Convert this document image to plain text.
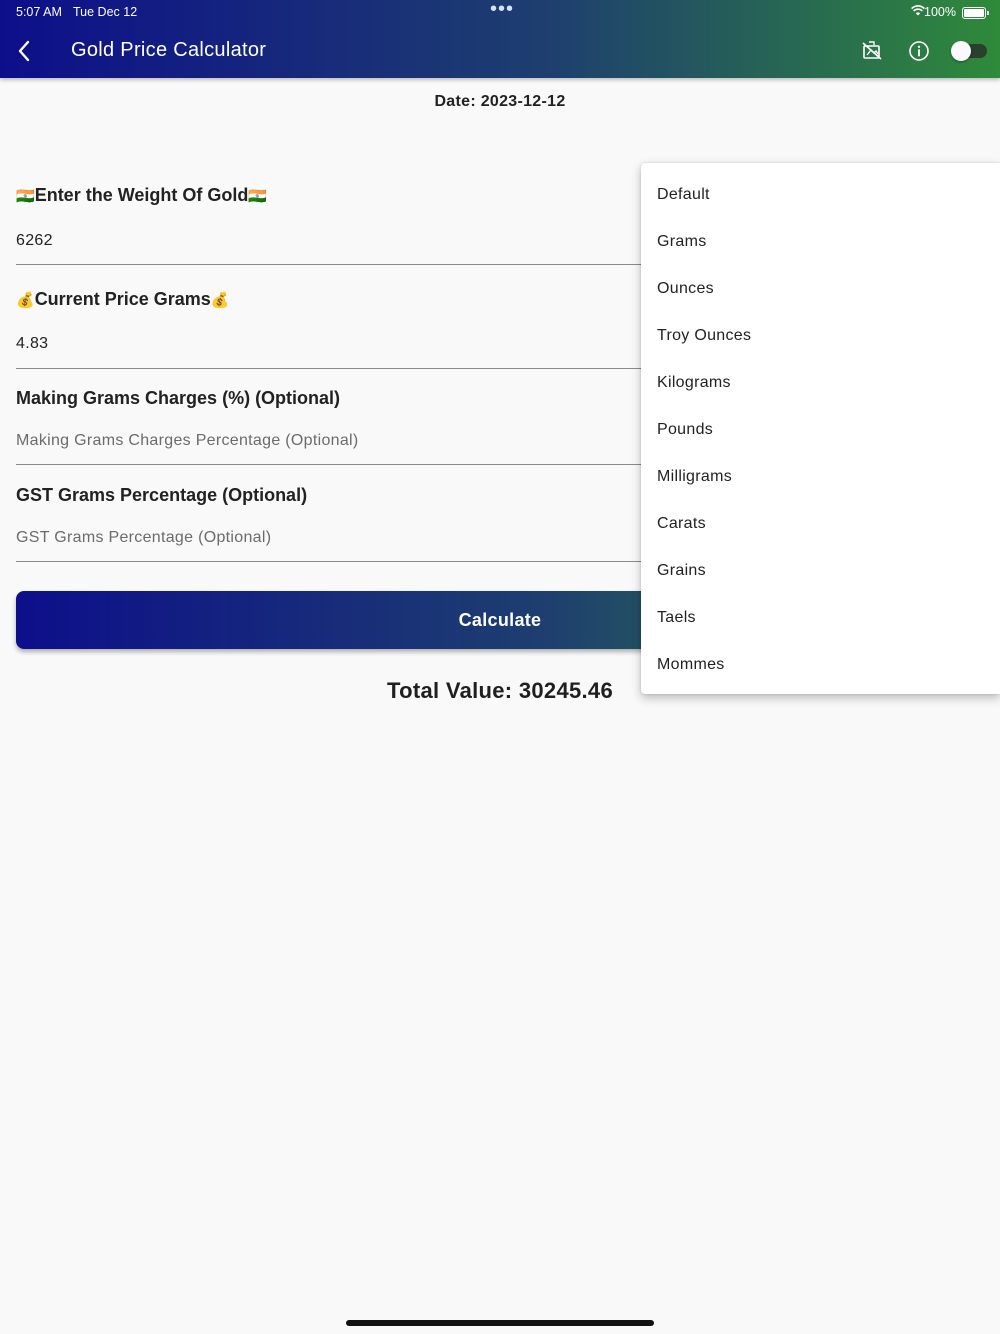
5:07 AM Tue Dec 12	•••	100%
Gold Price Calculator
Date: 2023-12-12
🇮🇳 Enter the Weight Of Gold 🇮🇳
6262
💰 Current Price Grams 💰
4.83
Making Grams Charges (%) (Optional)
Making Grams Charges Percentage (Optional)
GST Grams Percentage (Optional)
GST Grams Percentage (Optional)
Calculate
Total Value: 30245.46
Default
Grams
Ounces
Troy Ounces
Kilograms
Pounds
Milligrams
Carats
Grains
Taels
Mommes
